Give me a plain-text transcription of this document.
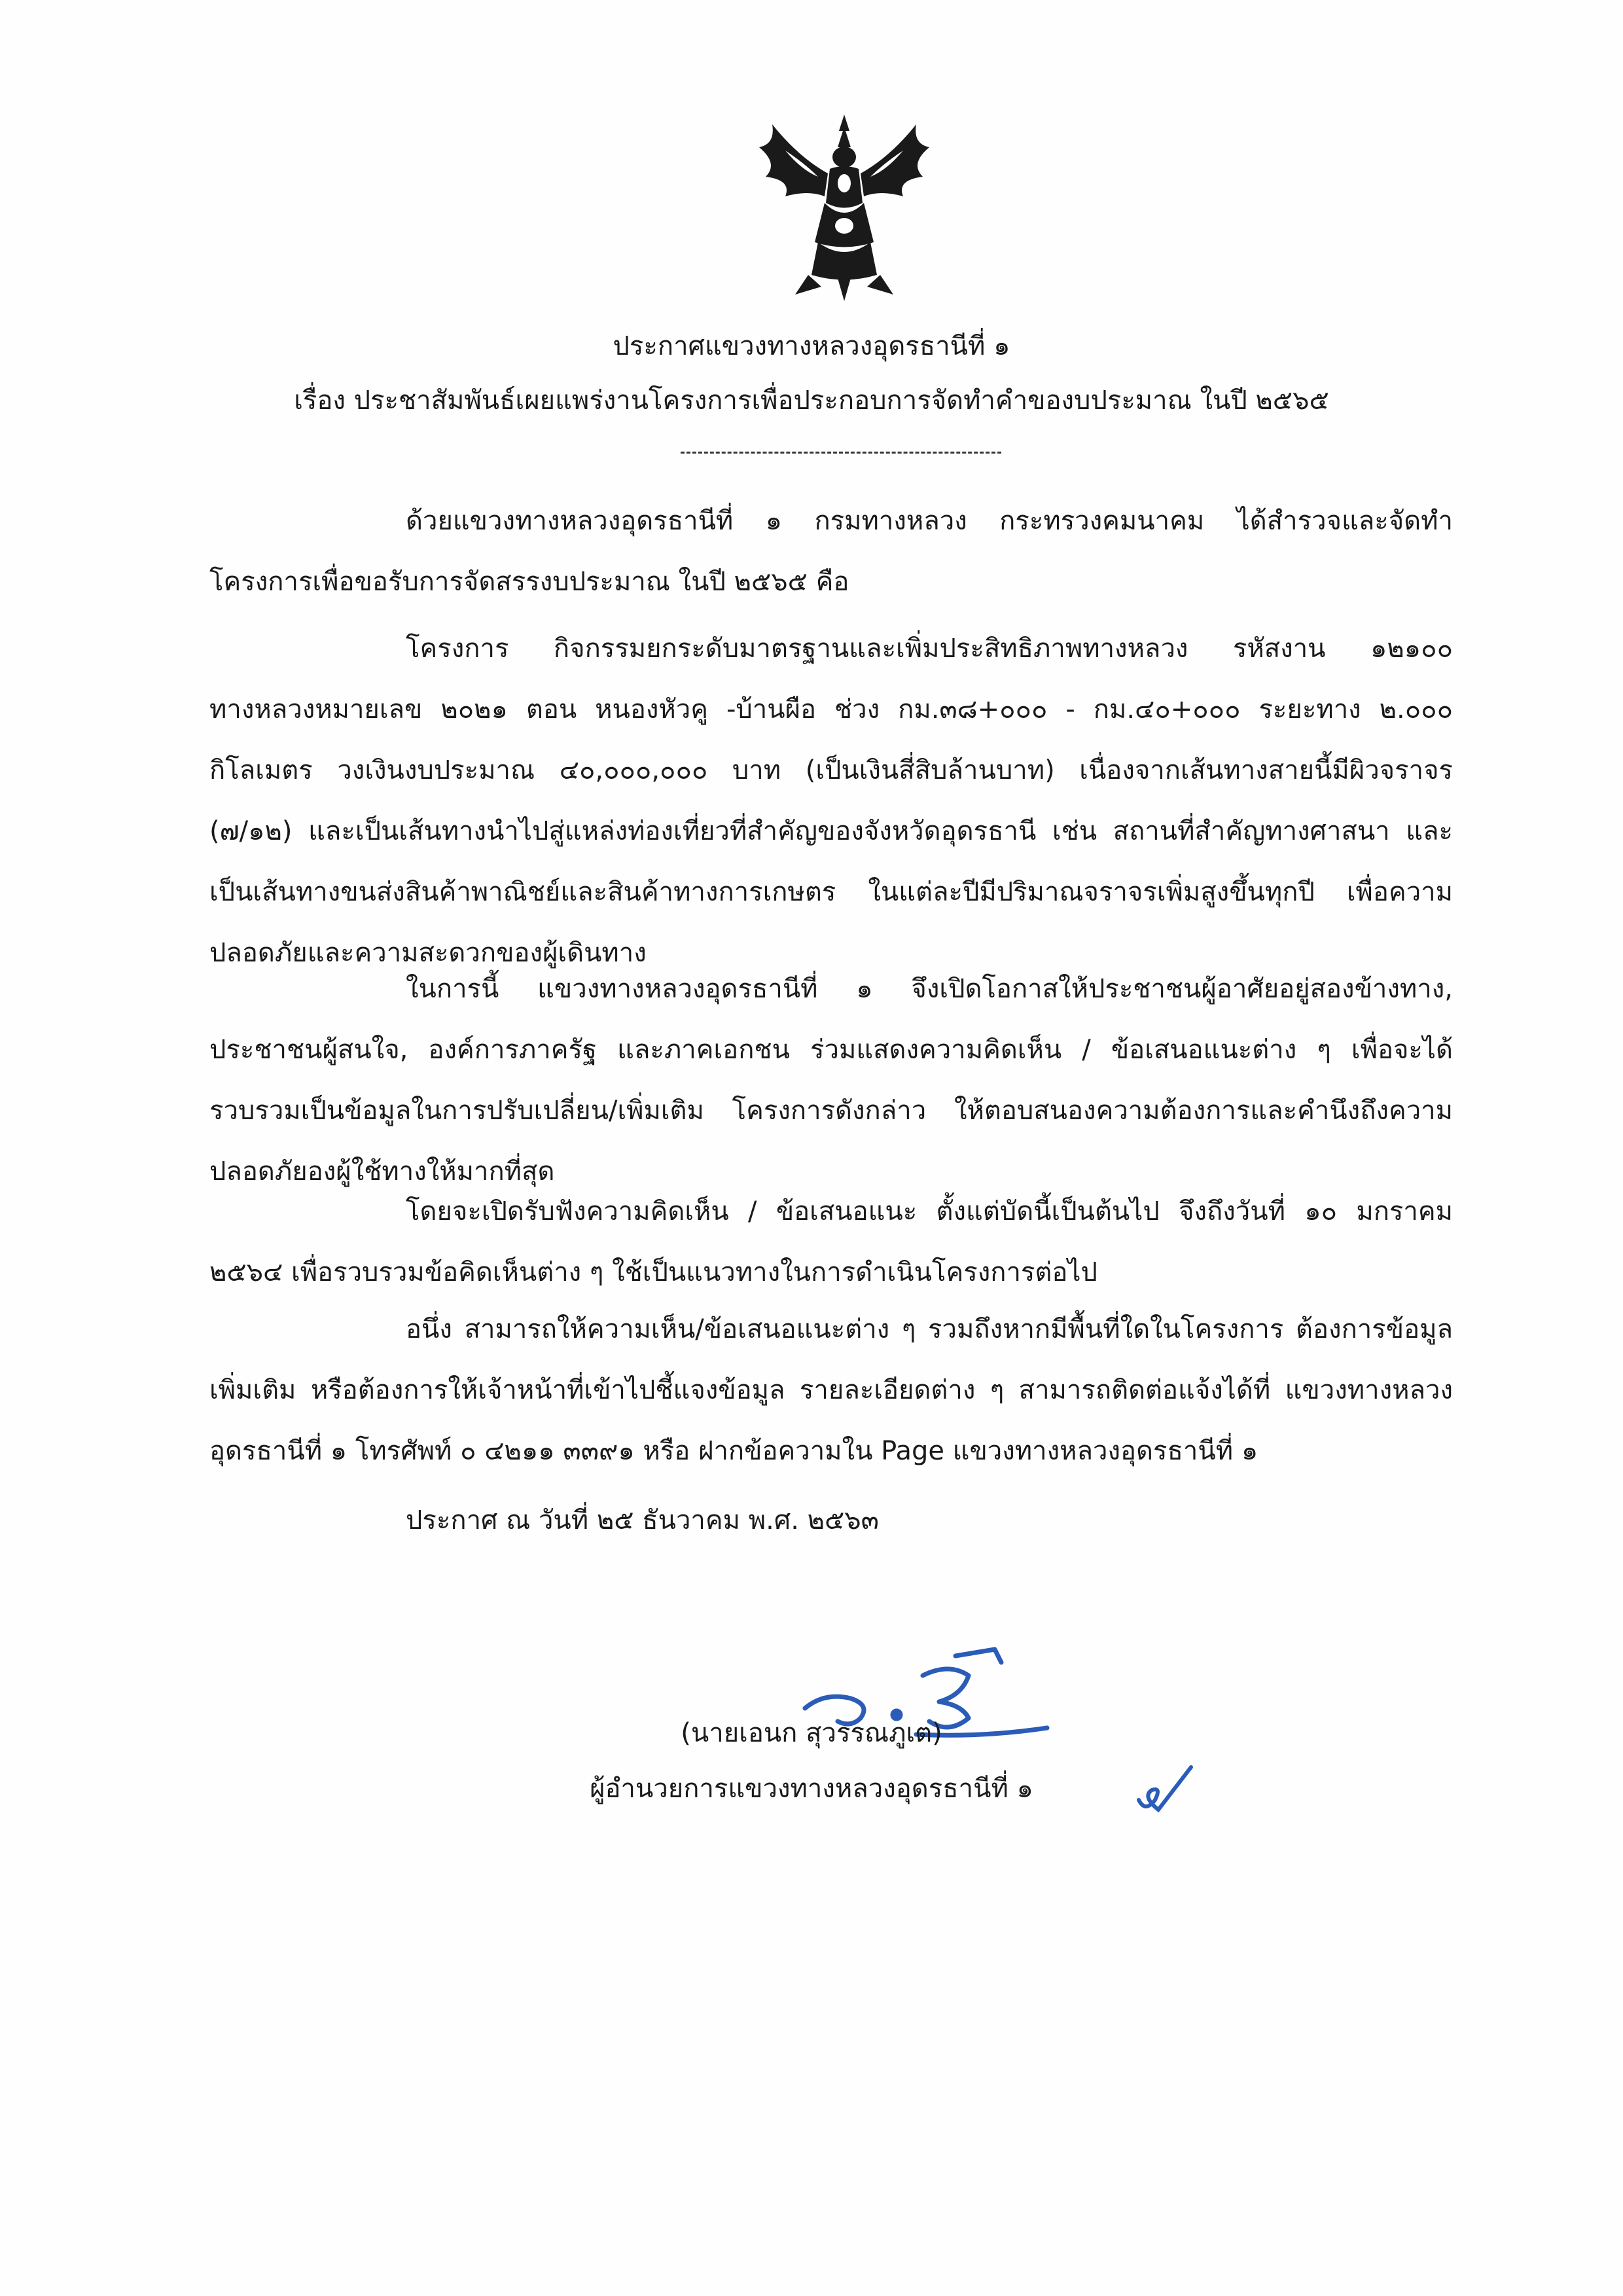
ประกาศแขวงทางหลวงอุดรธานีที่ ๑
เรื่อง ประชาสัมพันธ์เผยแพร่งานโครงการเพื่อประกอบการจัดทำคำของบประมาณ ในปี ๒๕๖๕

ด้วยแขวงทางหลวงอุดรธานีที่ ๑ กรมทางหลวง กระทรวงคมนาคม ได้สำรวจและจัดทำโครงการเพื่อขอรับการจัดสรรงบประมาณ ในปี ๒๕๖๕ คือ

โครงการ กิจกรรมยกระดับมาตรฐานและเพิ่มประสิทธิภาพทางหลวง รหัสงาน ๑๒๑๐๐ ทางหลวงหมายเลข ๒๐๒๑ ตอน หนองหัวคู -บ้านผือ ช่วง กม.๓๘+๐๐๐ - กม.๔๐+๐๐๐ ระยะทาง ๒.๐๐๐ กิโลเมตร วงเงินงบประมาณ ๔๐,๐๐๐,๐๐๐ บาท (เป็นเงินสี่สิบล้านบาท) เนื่องจากเส้นทางสายนี้มีผิวจราจร (๗/๑๒) และเป็นเส้นทางนำไปสู่แหล่งท่องเที่ยวที่สำคัญของจังหวัดอุดรธานี เช่น สถานที่สำคัญทางศาสนา และเป็นเส้นทางขนส่งสินค้าพาณิชย์และสินค้าทางการเกษตร ในแต่ละปีมีปริมาณจราจรเพิ่มสูงขึ้นทุกปี เพื่อความปลอดภัยและความสะดวกของผู้เดินทาง

ในการนี้ แขวงทางหลวงอุดรธานีที่ ๑ จึงเปิดโอกาสให้ประชาชนผู้อาศัยอยู่สองข้างทาง, ประชาชนผู้สนใจ, องค์การภาครัฐ และภาคเอกชน ร่วมแสดงความคิดเห็น / ข้อเสนอแนะต่าง ๆ เพื่อจะได้รวบรวมเป็นข้อมูลในการปรับเปลี่ยน/เพิ่มเติม โครงการดังกล่าว ให้ตอบสนองความต้องการและคำนึงถึงความปลอดภัยองผู้ใช้ทางให้มากที่สุด

โดยจะเปิดรับฟังความคิดเห็น / ข้อเสนอแนะ ตั้งแต่บัดนี้เป็นต้นไป จึงถึงวันที่ ๑๐ มกราคม ๒๕๖๔ เพื่อรวบรวมข้อคิดเห็นต่าง ๆ ใช้เป็นแนวทางในการดำเนินโครงการต่อไป

อนึ่ง สามารถให้ความเห็น/ข้อเสนอแนะต่าง ๆ รวมถึงหากมีพื้นที่ใดในโครงการ ต้องการข้อมูลเพิ่มเติม หรือต้องการให้เจ้าหน้าที่เข้าไปชี้แจงข้อมูล รายละเอียดต่าง ๆ สามารถติดต่อแจ้งได้ที่ แขวงทางหลวงอุดรธานีที่ ๑ โทรศัพท์ ๐ ๔๒๑๑ ๓๓๙๑ หรือ ฝากข้อความใน Page แขวงทางหลวงอุดรธานีที่ ๑

ประกาศ ณ วันที่ ๒๕ ธันวาคม พ.ศ. ๒๕๖๓
(นายเอนก สุวรรณภูเต)
ผู้อำนวยการแขวงทางหลวงอุดรธานีที่ ๑
